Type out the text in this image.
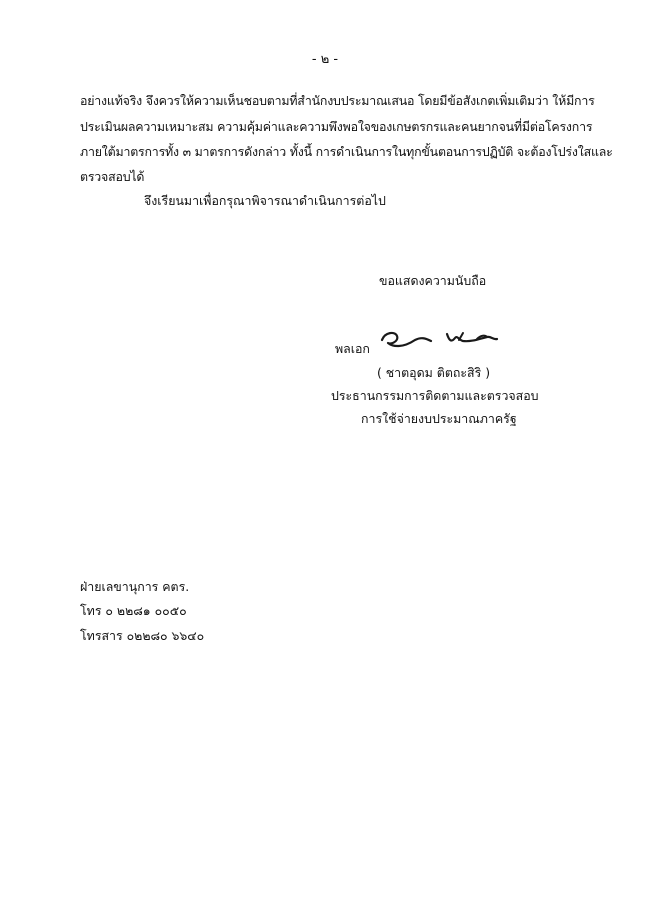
- ๒ -
อย่างแท้จริง จึงควรให้ความเห็นชอบตามที่สำนักงบประมาณเสนอ โดยมีข้อสังเกตเพิ่มเติมว่า ให้มีการ
ประเมินผลความเหมาะสม ความคุ้มค่าและความพึงพอใจของเกษตรกรและคนยากจนที่มีต่อโครงการ
ภายใต้มาตรการทั้ง ๓ มาตรการดังกล่าว ทั้งนี้ การดำเนินการในทุกขั้นตอนการปฏิบัติ จะต้องโปร่งใสและ
ตรวจสอบได้
จึงเรียนมาเพื่อกรุณาพิจารณาดำเนินการต่อไป
ขอแสดงความนับถือ
พลเอก
( ชาตอุดม ติตถะสิริ )
ประธานกรรมการติดตามและตรวจสอบ
การใช้จ่ายงบประมาณภาครัฐ
ฝ่ายเลขานุการ คตร.
โทร ๐ ๒๒๘๑ ๐๐๕๐
โทรสาร ๐๒๒๘๐ ๖๖๔๐
